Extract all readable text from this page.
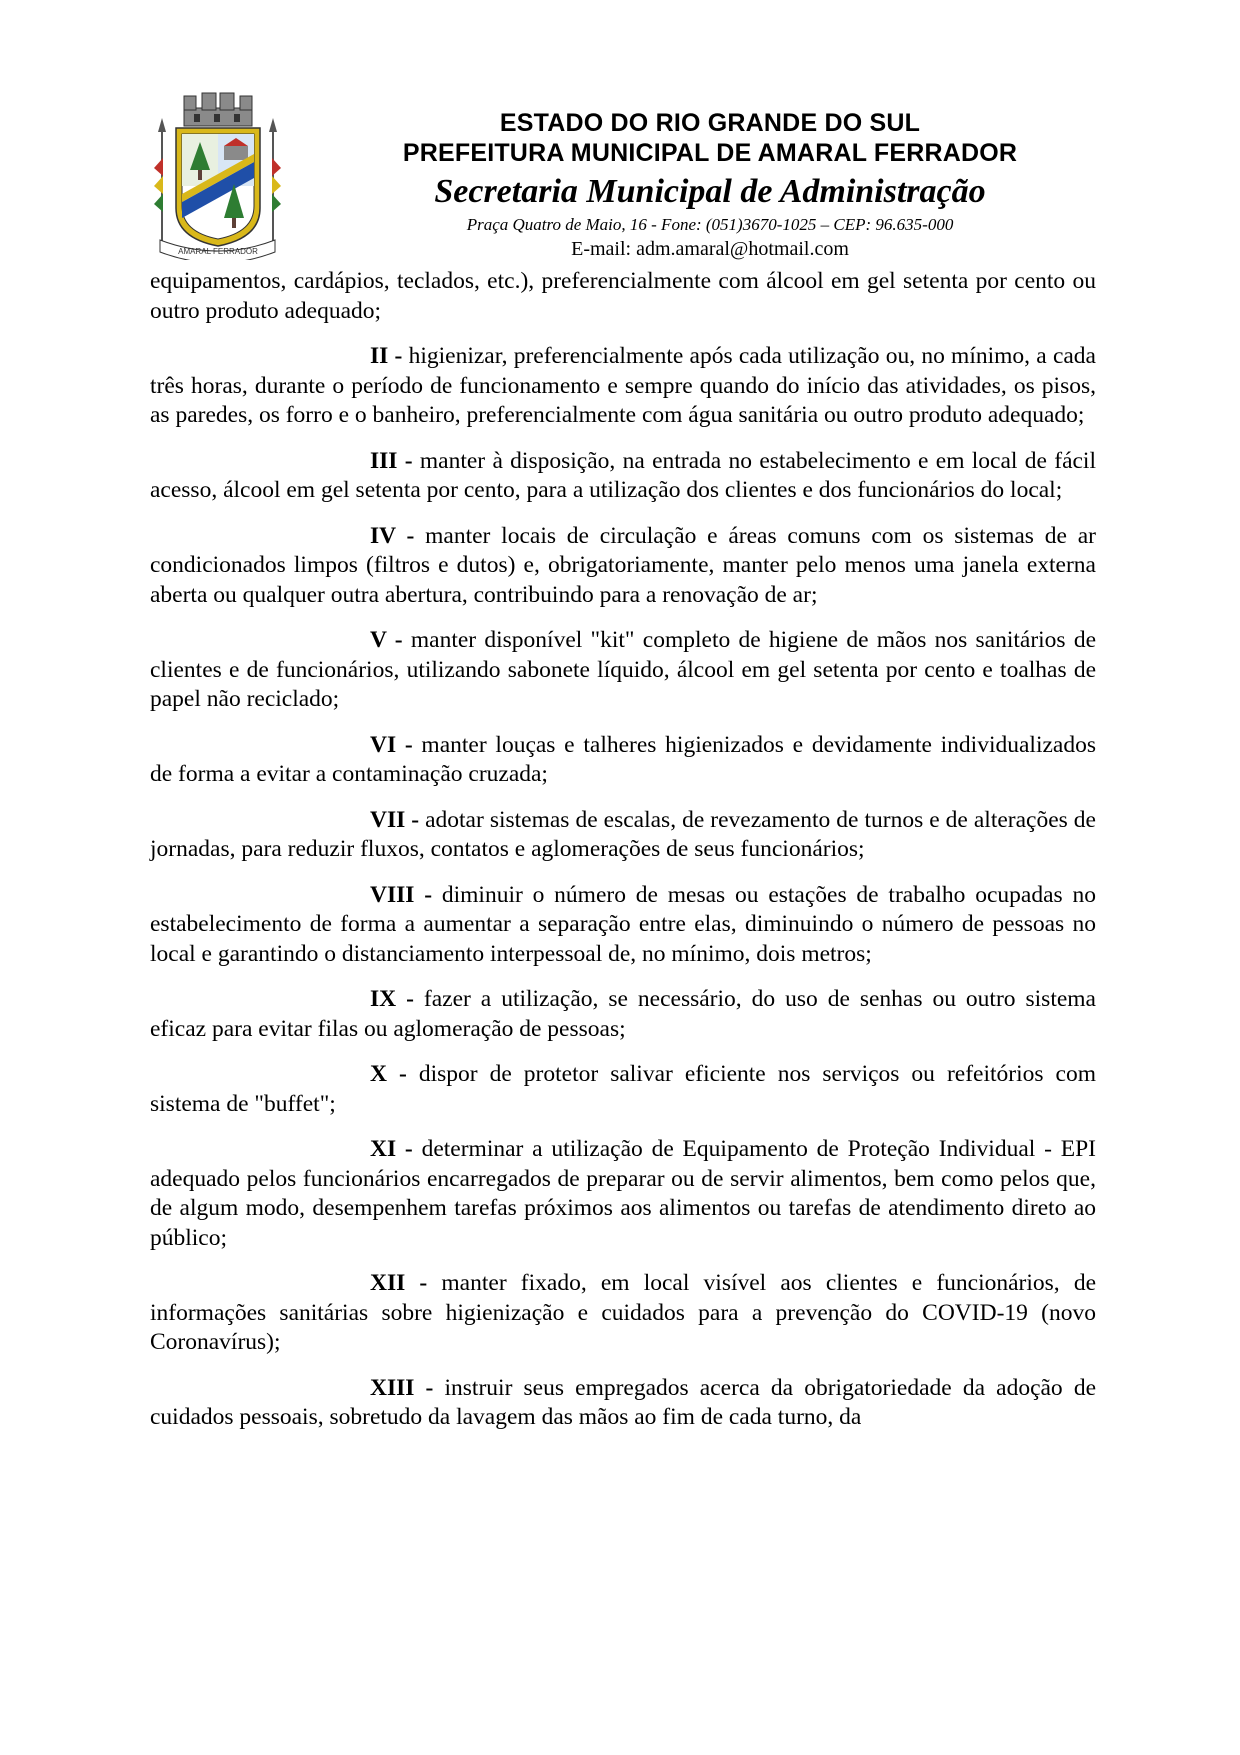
AMARAL FERRADOR
ESTADO DO RIO GRANDE DO SUL
PREFEITURA MUNICIPAL DE AMARAL FERRADOR
Secretaria Municipal de Administração
Praça Quatro de Maio, 16 - Fone: (051)3670-1025 – CEP: 96.635-000
E-mail: adm.amaral@hotmail.com

equipamentos, cardápios, teclados, etc.), preferencialmente com álcool em gel setenta por cento ou outro produto adequado;

II - higienizar, preferencialmente após cada utilização ou, no mínimo, a cada três horas, durante o período de funcionamento e sempre quando do início das atividades, os pisos, as paredes, os forro e o banheiro, preferencialmente com água sanitária ou outro produto adequado;

III - manter à disposição, na entrada no estabelecimento e em local de fácil acesso, álcool em gel setenta por cento, para a utilização dos clientes e dos funcionários do local;

IV - manter locais de circulação e áreas comuns com os sistemas de ar condicionados limpos (filtros e dutos) e, obrigatoriamente, manter pelo menos uma janela externa aberta ou qualquer outra abertura, contribuindo para a renovação de ar;

V - manter disponível "kit" completo de higiene de mãos nos sanitários de clientes e de funcionários, utilizando sabonete líquido, álcool em gel setenta por cento e toalhas de papel não reciclado;

VI - manter louças e talheres higienizados e devidamente individualizados de forma a evitar a contaminação cruzada;

VII - adotar sistemas de escalas, de revezamento de turnos e de alterações de jornadas, para reduzir fluxos, contatos e aglomerações de seus funcionários;

VIII - diminuir o número de mesas ou estações de trabalho ocupadas no estabelecimento de forma a aumentar a separação entre elas, diminuindo o número de pessoas no local e garantindo o distanciamento interpessoal de, no mínimo, dois metros;

IX - fazer a utilização, se necessário, do uso de senhas ou outro sistema eficaz para evitar filas ou aglomeração de pessoas;

X - dispor de protetor salivar eficiente nos serviços ou refeitórios com sistema de "buffet";

XI - determinar a utilização de Equipamento de Proteção Individual - EPI adequado pelos funcionários encarregados de preparar ou de servir alimentos, bem como pelos que, de algum modo, desempenhem tarefas próximos aos alimentos ou tarefas de atendimento direto ao público;

XII - manter fixado, em local visível aos clientes e funcionários, de informações sanitárias sobre higienização e cuidados para a prevenção do COVID-19 (novo Coronavírus);

XIII - instruir seus empregados acerca da obrigatoriedade da adoção de cuidados pessoais, sobretudo da lavagem das mãos ao fim de cada turno, da
